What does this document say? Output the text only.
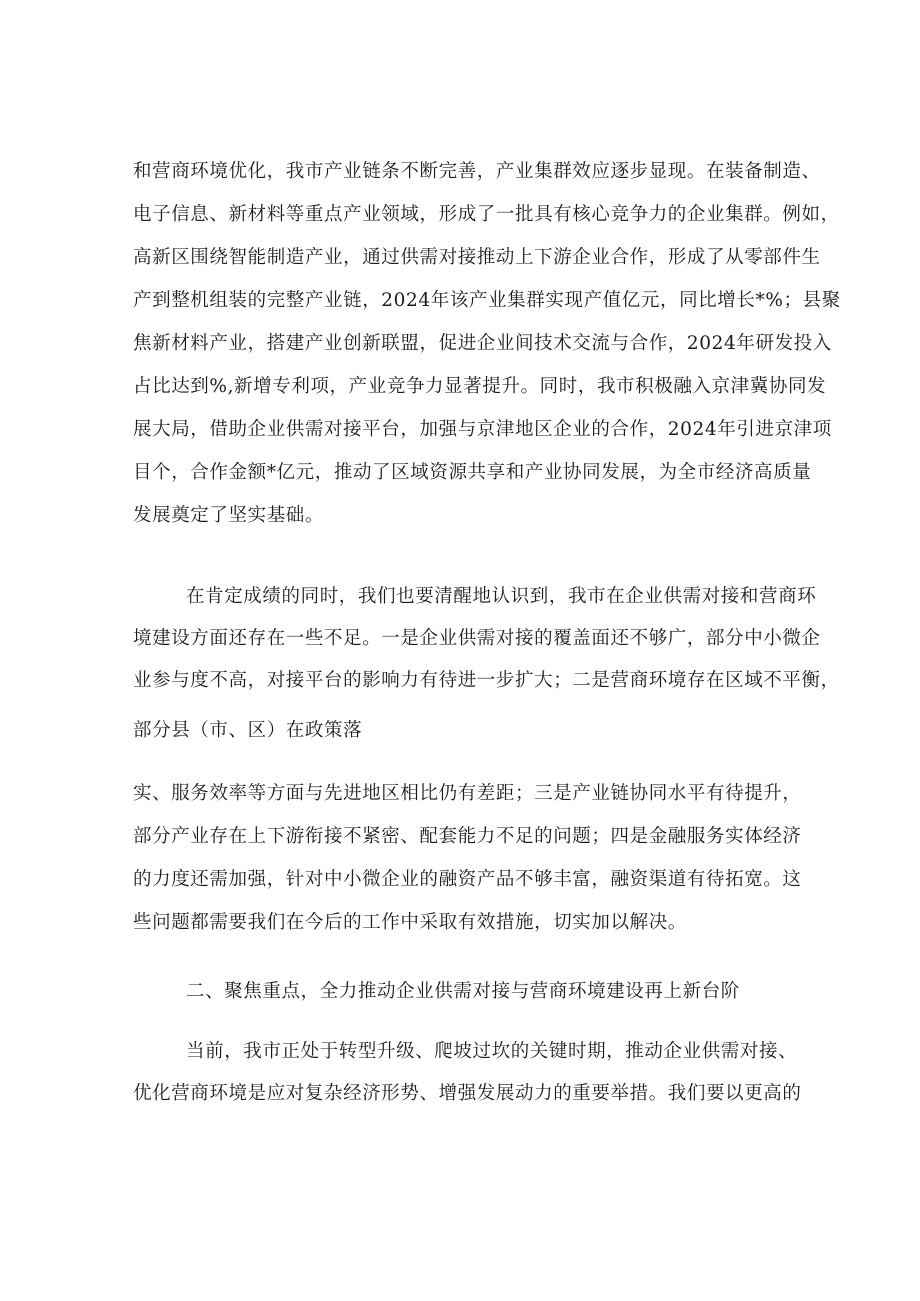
和营商环境优化，我市产业链条不断完善，产业集群效应逐步显现。在装备制造、
电子信息、新材料等重点产业领域，形成了一批具有核心竞争力的企业集群。例如，
高新区围绕智能制造产业，通过供需对接推动上下游企业合作，形成了从零部件生
产到整机组装的完整产业链，2024年该产业集群实现产值亿元，同比增长*%；县聚
焦新材料产业，搭建产业创新联盟，促进企业间技术交流与合作，2024年研发投入
占比达到%,新增专利项，产业竞争力显著提升。同时，我市积极融入京津冀协同发
展大局，借助企业供需对接平台，加强与京津地区企业的合作，2024年引进京津项
目个，合作金额*亿元，推动了区域资源共享和产业协同发展，为全市经济高质量
发展奠定了坚实基础。
在肯定成绩的同时，我们也要清醒地认识到，我市在企业供需对接和营商环
境建设方面还存在一些不足。一是企业供需对接的覆盖面还不够广，部分中小微企
业参与度不高，对接平台的影响力有待进一步扩大；二是营商环境存在区域不平衡，
部分县（市、区）在政策落
实、服务效率等方面与先进地区相比仍有差距；三是产业链协同水平有待提升，
部分产业存在上下游衔接不紧密、配套能力不足的问题；四是金融服务实体经济
的力度还需加强，针对中小微企业的融资产品不够丰富，融资渠道有待拓宽。这
些问题都需要我们在今后的工作中采取有效措施，切实加以解决。
二、聚焦重点，全力推动企业供需对接与营商环境建设再上新台阶
当前，我市正处于转型升级、爬坡过坎的关键时期，推动企业供需对接、
优化营商环境是应对复杂经济形势、增强发展动力的重要举措。我们要以更高的
